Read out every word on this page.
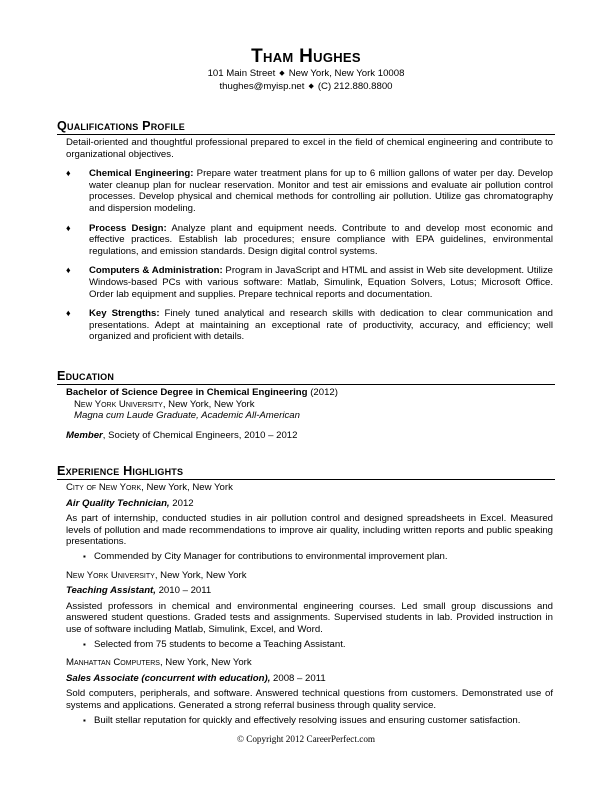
Tham Hughes
101 Main Street ◆ New York, New York 10008
thughes@myisp.net ◆ (C) 212.880.8800
Qualifications Profile
Detail-oriented and thoughtful professional prepared to excel in the field of chemical engineering and contribute to organizational objectives.
♦ Chemical Engineering: Prepare water treatment plans for up to 6 million gallons of water per day. Develop water cleanup plan for nuclear reservation. Monitor and test air emissions and evaluate air pollution control processes. Develop physical and chemical methods for controlling air pollution. Utilize gas chromatography and dispersion modeling.
♦ Process Design: Analyze plant and equipment needs. Contribute to and develop most economic and effective practices. Establish lab procedures; ensure compliance with EPA guidelines, environmental regulations, and emission standards. Design digital control systems.
♦ Computers & Administration: Program in JavaScript and HTML and assist in Web site development. Utilize Windows-based PCs with various software: Matlab, Simulink, Equation Solvers, Lotus; Microsoft Office. Order lab equipment and supplies. Prepare technical reports and documentation.
♦ Key Strengths: Finely tuned analytical and research skills with dedication to clear communication and presentations. Adept at maintaining an exceptional rate of productivity, accuracy, and efficiency; well organized and proficient with details.
Education
Bachelor of Science Degree in Chemical Engineering (2012)
New York University, New York, New York
Magna cum Laude Graduate, Academic All-American
Member, Society of Chemical Engineers, 2010 – 2012
Experience Highlights
City of New York, New York, New York
Air Quality Technician, 2012
As part of internship, conducted studies in air pollution control and designed spreadsheets in Excel. Measured levels of pollution and made recommendations to improve air quality, including written reports and public speaking presentations.
▪ Commended by City Manager for contributions to environmental improvement plan.
New York University, New York, New York
Teaching Assistant, 2010 – 2011
Assisted professors in chemical and environmental engineering courses. Led small group discussions and answered student questions. Graded tests and assignments. Supervised students in lab. Provided instruction in use of software including Matlab, Simulink, Excel, and Word.
▪ Selected from 75 students to become a Teaching Assistant.
Manhattan Computers, New York, New York
Sales Associate (concurrent with education), 2008 – 2011
Sold computers, peripherals, and software. Answered technical questions from customers. Demonstrated use of systems and applications. Generated a strong referral business through quality service.
▪ Built stellar reputation for quickly and effectively resolving issues and ensuring customer satisfaction.
© Copyright 2012 CareerPerfect.com
